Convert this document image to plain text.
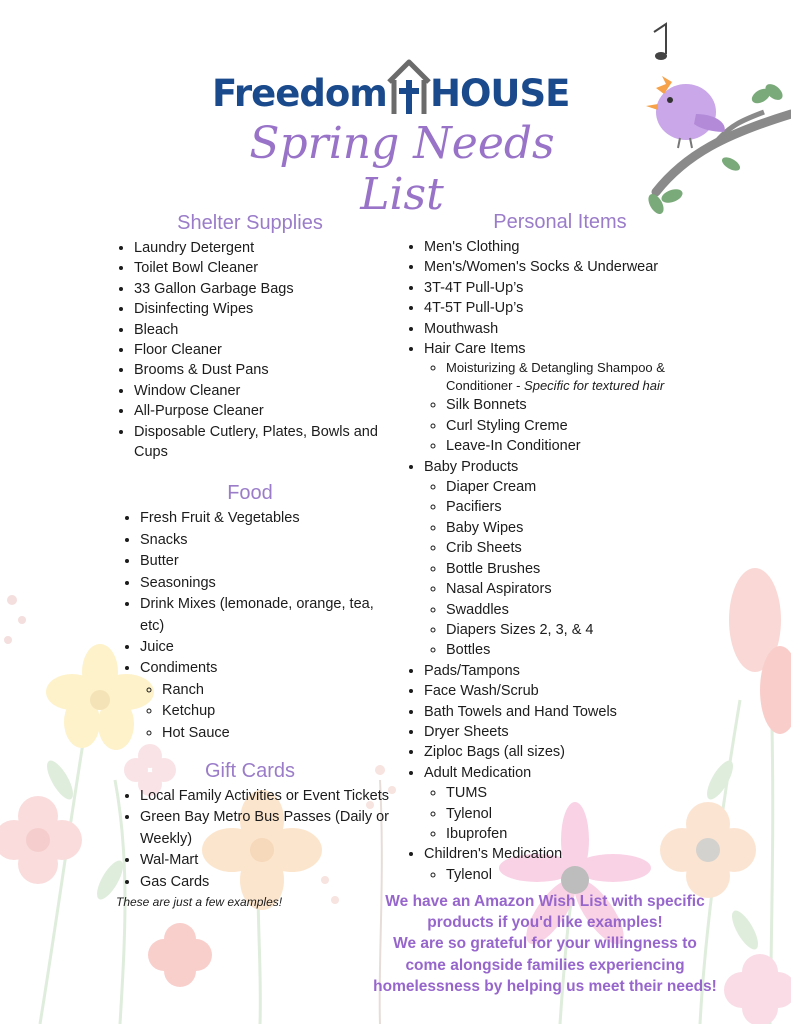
Freedom HOUSE
Spring Needs List
Shelter Supplies
• Laundry Detergent
• Toilet Bowl Cleaner
• 33 Gallon Garbage Bags
• Disinfecting Wipes
• Bleach
• Floor Cleaner
• Brooms & Dust Pans
• Window Cleaner
• All-Purpose Cleaner
• Disposable Cutlery, Plates, Bowls and Cups
Food
• Fresh Fruit & Vegetables
• Snacks
• Butter
• Seasonings
• Drink Mixes (lemonade, orange, tea, etc)
• Juice
• Condiments
◦ Ranch
◦ Ketchup
◦ Hot Sauce
Gift Cards
• Local Family Activities or Event Tickets
• Green Bay Metro Bus Passes (Daily or Weekly)
• Wal-Mart
• Gas Cards
These are just a few examples!
Personal Items
• Men's Clothing
• Men's/Women's Socks & Underwear
• 3T-4T Pull-Up’s
• 4T-5T Pull-Up’s
• Mouthwash
• Hair Care Items
◦ Moisturizing & Detangling Shampoo & Conditioner - Specific for textured hair
◦ Silk Bonnets
◦ Curl Styling Creme
◦ Leave-In Conditioner
• Baby Products
◦ Diaper Cream
◦ Pacifiers
◦ Baby Wipes
◦ Crib Sheets
◦ Bottle Brushes
◦ Nasal Aspirators
◦ Swaddles
◦ Diapers Sizes 2, 3, & 4
◦ Bottles
• Pads/Tampons
• Face Wash/Scrub
• Bath Towels and Hand Towels
• Dryer Sheets
• Ziploc Bags (all sizes)
• Adult Medication
◦ TUMS
◦ Tylenol
◦ Ibuprofen
• Children's Medication
◦ Tylenol
We have an Amazon Wish List with specific
products if you'd like examples!
We are so grateful for your willingness to
come alongside families experiencing
homelessness by helping us meet their needs!
